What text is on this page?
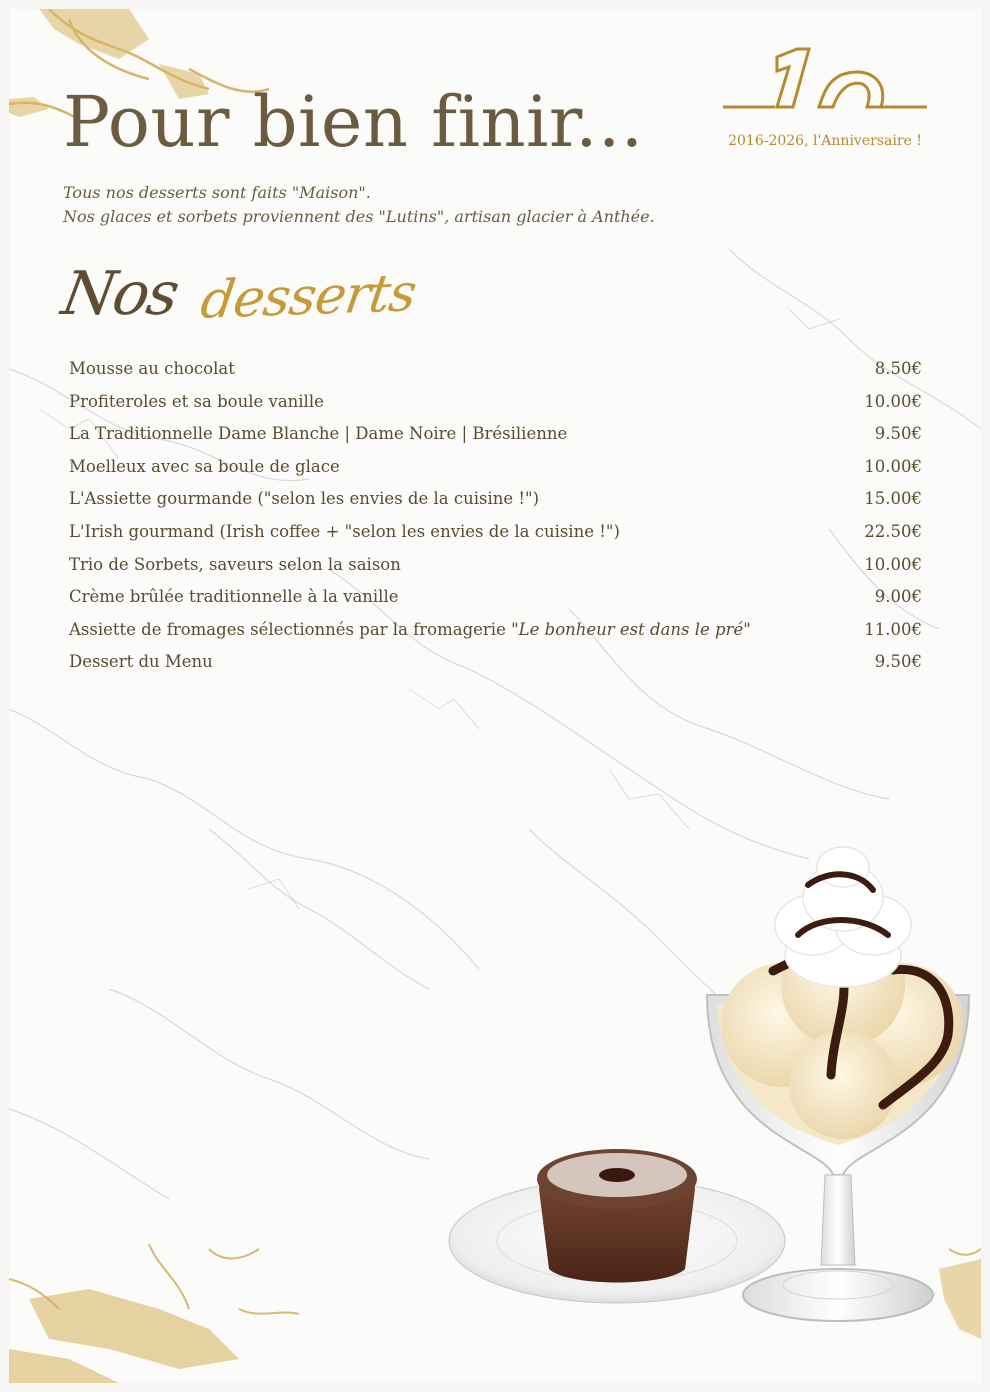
Pour bien finir...
Tous nos desserts sont faits "Maison".
Nos glaces et sorbets proviennent des "Lutins", artisan glacier à Anthée.
2016-2026, l'Anniversaire !
Nos desserts
Mousse au chocolat	8.50€
Profiteroles et sa boule vanille	10.00€
La Traditionnelle Dame Blanche | Dame Noire | Brésilienne	9.50€
Moelleux avec sa boule de glace	10.00€
L'Assiette gourmande ("selon les envies de la cuisine !")	15.00€
L'Irish gourmand (Irish coffee + "selon les envies de la cuisine !")	22.50€
Trio de Sorbets, saveurs selon la saison	10.00€
Crème brûlée traditionnelle à la vanille	9.00€
Assiette de fromages sélectionnés par la fromagerie "Le bonheur est dans le pré"	11.00€
Dessert du Menu	9.50€
